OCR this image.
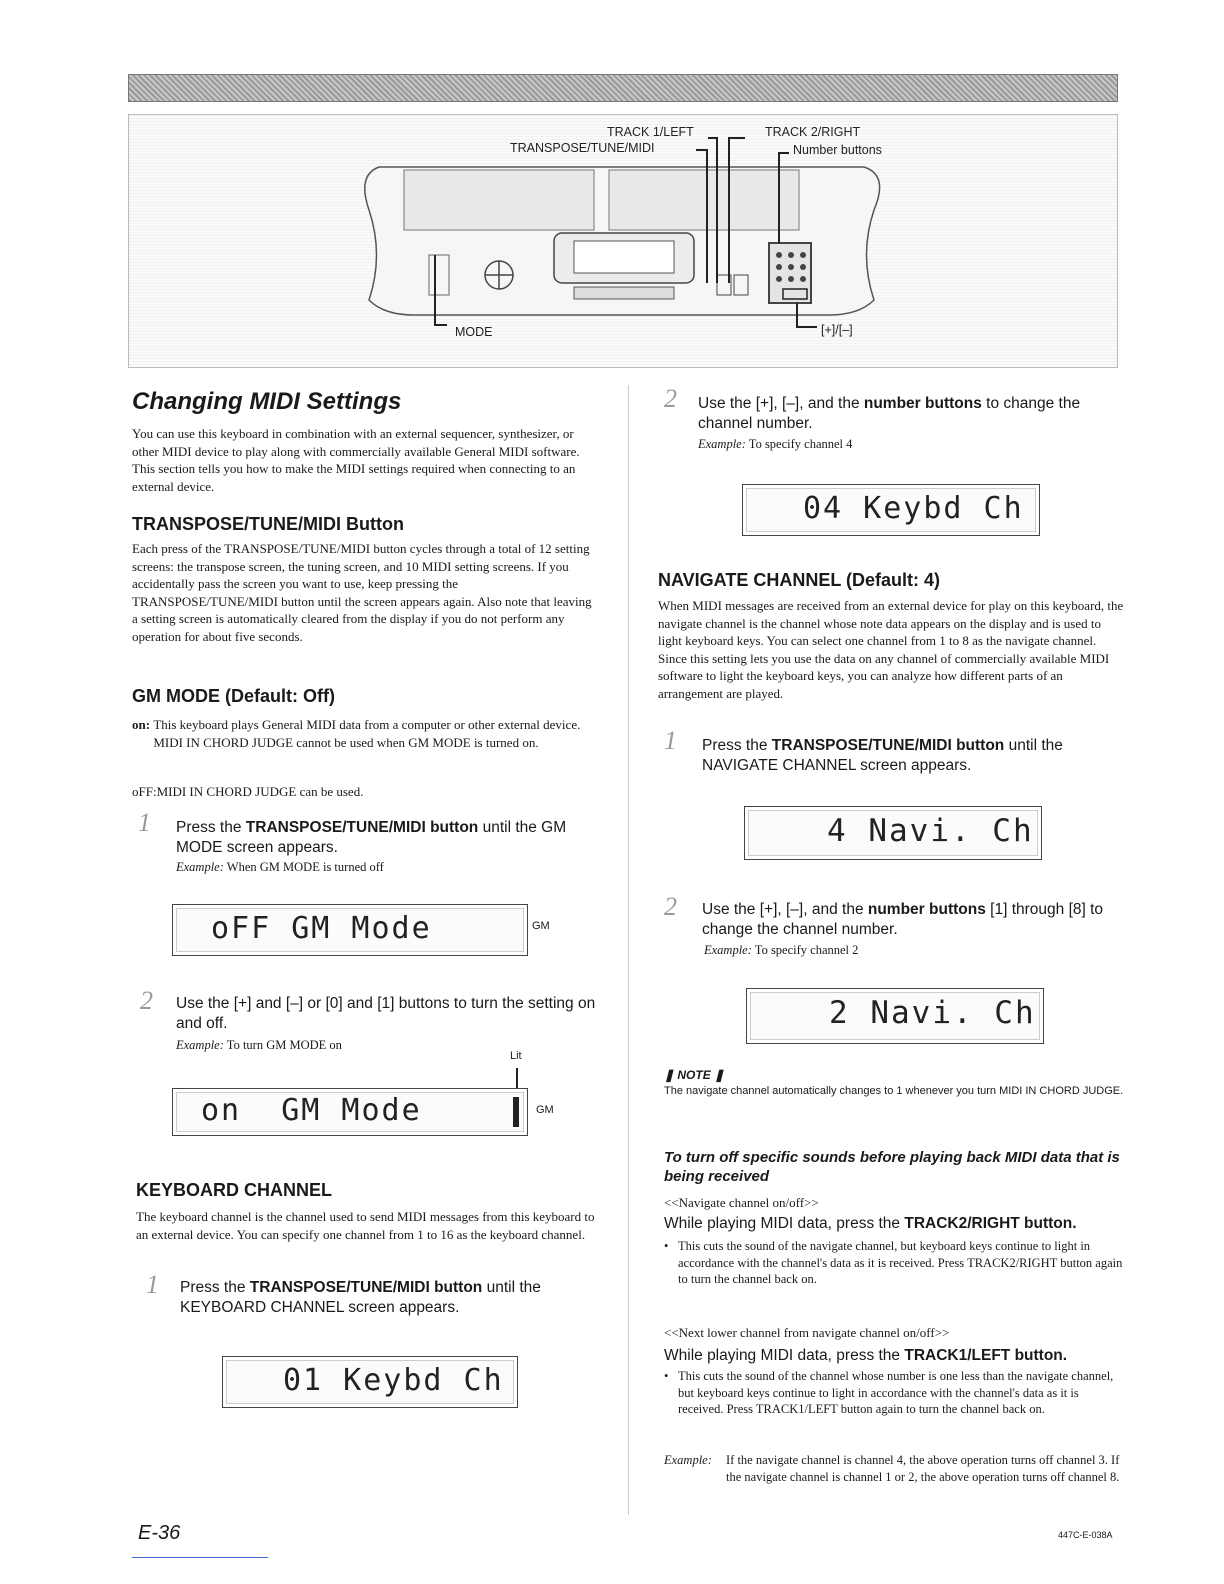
TRACK 1/LEFT
TRANSPOSE/TUNE/MIDI
TRACK 2/RIGHT
Number buttons
MODE	[+]/[–]
Changing MIDI Settings
You can use this keyboard in combination with an external sequencer, synthesizer, or other MIDI device to play along with commercially available General MIDI software. This section tells you how to make the MIDI settings required when connecting to an external device.
TRANSPOSE/TUNE/MIDI Button
Each press of the TRANSPOSE/TUNE/MIDI button cycles through a total of 12 setting screens: the transpose screen, the tuning screen, and 10 MIDI setting screens. If you accidentally pass the screen you want to use, keep pressing the TRANSPOSE/TUNE/MIDI button until the screen appears again. Also note that leaving a setting screen is automatically cleared from the display if you do not perform any operation for about five seconds.
GM MODE (Default: Off)
on: This keyboard plays General MIDI data from a computer or other external device. MIDI IN CHORD JUDGE cannot be used when GM MODE is turned on.
oFF:MIDI IN CHORD JUDGE can be used.
1 Press the TRANSPOSE/TUNE/MIDI button until the GM MODE screen appears.
Example: When GM MODE is turned off
oFF GM Mode	GM
2 Use the [+] and [–] or [0] and [1] buttons to turn the setting on and off.
Example: To turn GM MODE on
Lit
on  GM Mode	GM
KEYBOARD CHANNEL
The keyboard channel is the channel used to send MIDI messages from this keyboard to an external device. You can specify one channel from 1 to 16 as the keyboard channel.
1 Press the TRANSPOSE/TUNE/MIDI button until the KEYBOARD CHANNEL screen appears.
01 Keybd Ch
2 Use the [+], [–], and the number buttons to change the channel number.
Example: To specify channel 4
04 Keybd Ch
NAVIGATE CHANNEL (Default: 4)
When MIDI messages are received from an external device for play on this keyboard, the navigate channel is the channel whose note data appears on the display and is used to light keyboard keys. You can select one channel from 1 to 8 as the navigate channel. Since this setting lets you use the data on any channel of commercially available MIDI software to light the keyboard keys, you can analyze how different parts of an arrangement are played.
1 Press the TRANSPOSE/TUNE/MIDI button until the NAVIGATE CHANNEL screen appears.
4 Navi. Ch
2 Use the [+], [–], and the number buttons [1] through [8] to change the channel number.
Example: To specify channel 2
2 Navi. Ch
❚ NOTE ❚
The navigate channel automatically changes to 1 whenever you turn MIDI IN CHORD JUDGE.
To turn off specific sounds before playing back MIDI data that is being received
<<Navigate channel on/off>>
While playing MIDI data, press the TRACK2/RIGHT button.
• This cuts the sound of the navigate channel, but keyboard keys continue to light in accordance with the channel's data as it is received. Press TRACK2/RIGHT button again to turn the channel back on.
<<Next lower channel from navigate channel on/off>>
While playing MIDI data, press the TRACK1/LEFT button.
• This cuts the sound of the channel whose number is one less than the navigate channel, but keyboard keys continue to light in accordance with the channel's data as it is received. Press TRACK1/LEFT button again to turn the channel back on.
Example:	If the navigate channel is channel 4, the above operation turns off channel 3. If the navigate channel is channel 1 or 2, the above operation turns off channel 8.
E-36	447C-E-038A
